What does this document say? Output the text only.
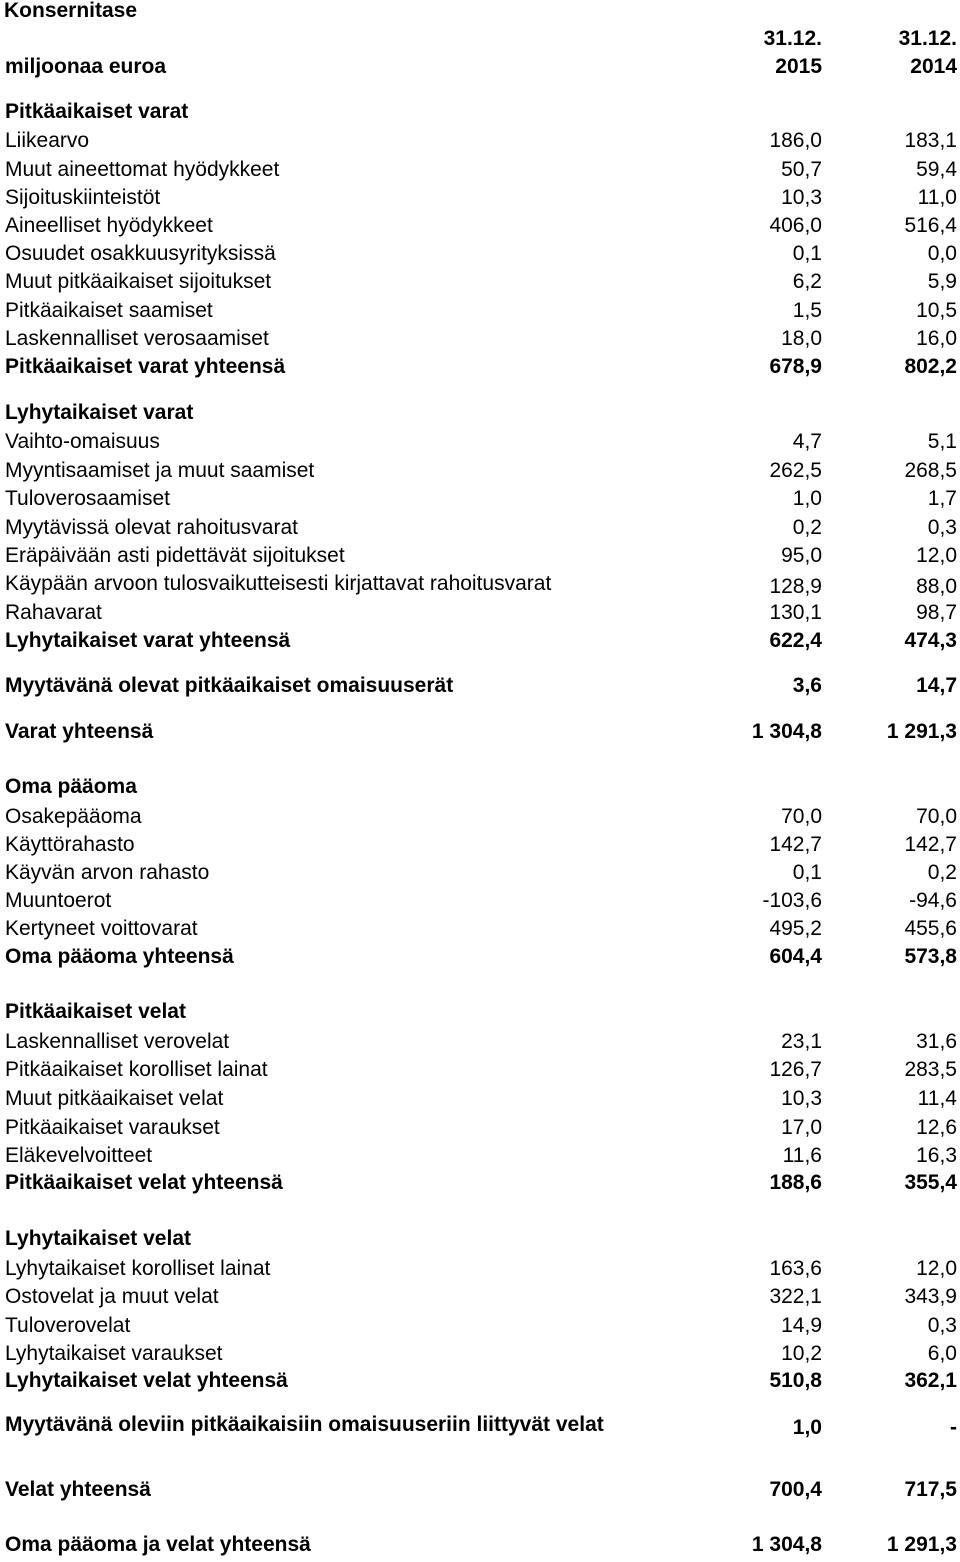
Konsernitase
31.12.	31.12.
miljoonaa euroa	2015	2014
Pitkäaikaiset varat
Liikearvo	186,0	183,1
Muut aineettomat hyödykkeet	50,7	59,4
Sijoituskiinteistöt	10,3	11,0
Aineelliset hyödykkeet	406,0	516,4
Osuudet osakkuusyrityksissä	0,1	0,0
Muut pitkäaikaiset sijoitukset	6,2	5,9
Pitkäaikaiset saamiset	1,5	10,5
Laskennalliset verosaamiset	18,0	16,0
Pitkäaikaiset varat yhteensä	678,9	802,2
Lyhytaikaiset varat
Vaihto-omaisuus	4,7	5,1
Myyntisaamiset ja muut saamiset	262,5	268,5
Tuloverosaamiset	1,0	1,7
Myytävissä olevat rahoitusvarat	0,2	0,3
Eräpäivään asti pidettävät sijoitukset	95,0	12,0
Käypään arvoon tulosvaikutteisesti kirjattavat rahoitusvarat	128,9	88,0
Rahavarat	130,1	98,7
Lyhytaikaiset varat yhteensä	622,4	474,3
Myytävänä olevat pitkäaikaiset omaisuuserät	3,6	14,7
Varat yhteensä	1 304,8	1 291,3
Oma pääoma
Osakepääoma	70,0	70,0
Käyttörahasto	142,7	142,7
Käyvän arvon rahasto	0,1	0,2
Muuntoerot	-103,6	-94,6
Kertyneet voittovarat	495,2	455,6
Oma pääoma yhteensä	604,4	573,8
Pitkäaikaiset velat
Laskennalliset verovelat	23,1	31,6
Pitkäaikaiset korolliset lainat	126,7	283,5
Muut pitkäaikaiset velat	10,3	11,4
Pitkäaikaiset varaukset	17,0	12,6
Eläkevelvoitteet	11,6	16,3
Pitkäaikaiset velat yhteensä	188,6	355,4
Lyhytaikaiset velat
Lyhytaikaiset korolliset lainat	163,6	12,0
Ostovelat ja muut velat	322,1	343,9
Tuloverovelat	14,9	0,3
Lyhytaikaiset varaukset	10,2	6,0
Lyhytaikaiset velat yhteensä	510,8	362,1
Myytävänä oleviin pitkäaikaisiin omaisuuseriin liittyvät velat	1,0	-
Velat yhteensä	700,4	717,5
Oma pääoma ja velat yhteensä	1 304,8	1 291,3
